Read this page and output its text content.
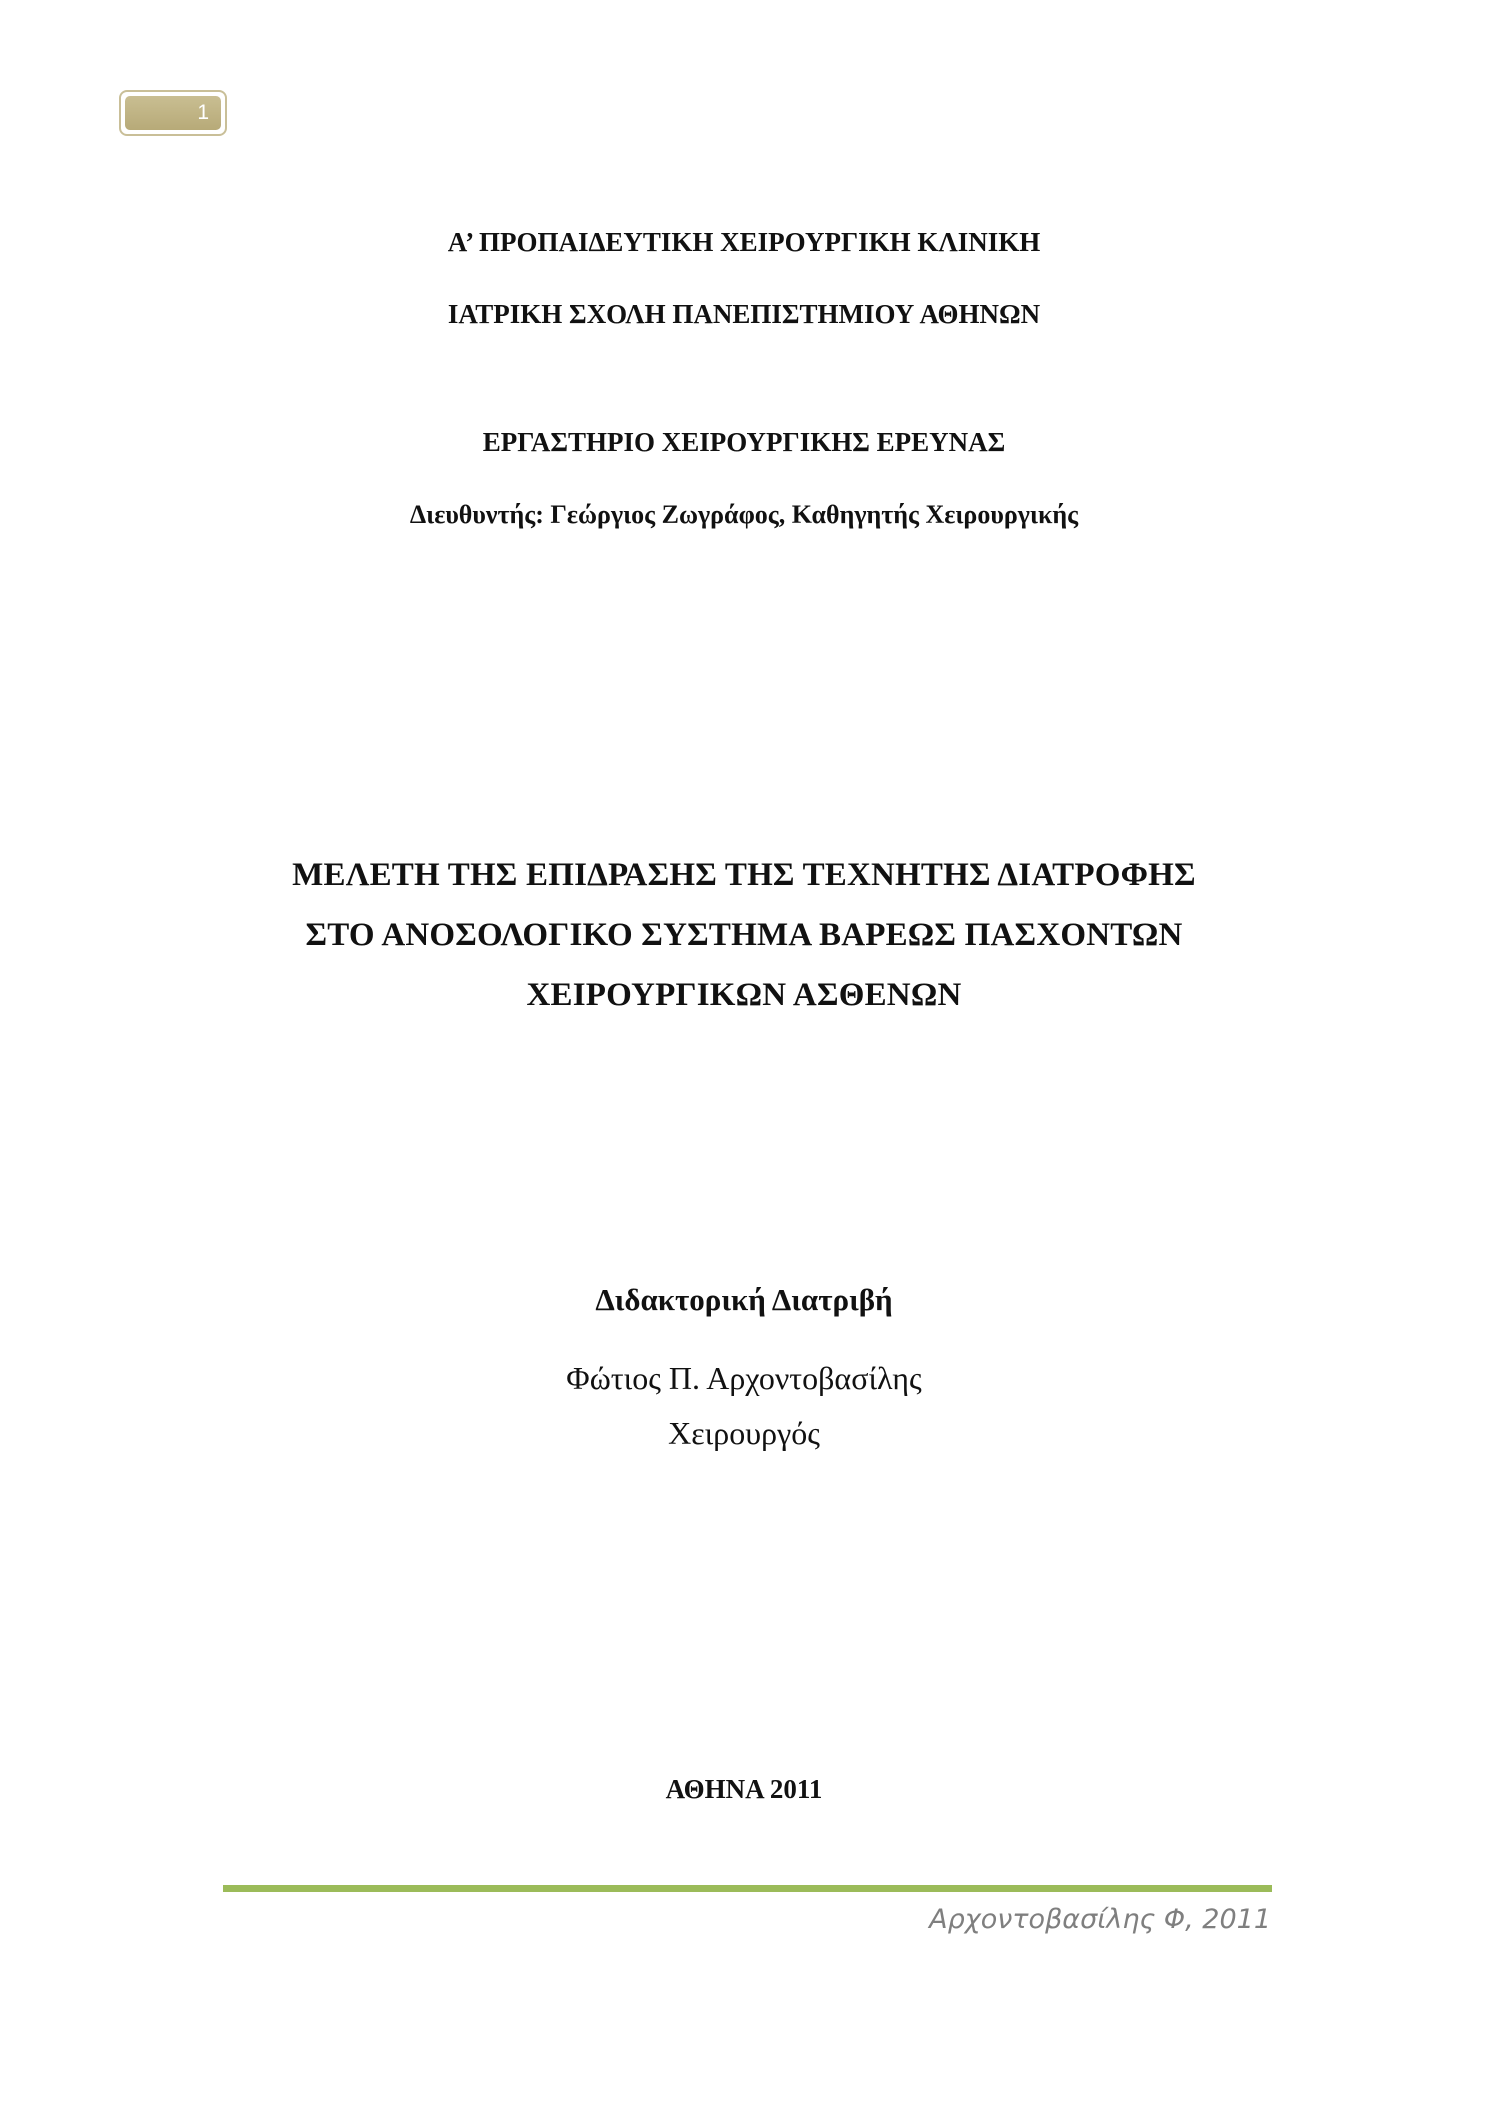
1
Α’ ΠΡΟΠΑΙΔΕΥΤΙΚΗ ΧΕΙΡΟΥΡΓΙΚΗ ΚΛΙΝΙΚΗ
ΙΑΤΡΙΚΗ ΣΧΟΛΗ ΠΑΝΕΠΙΣΤΗΜΙΟΥ ΑΘΗΝΩΝ
ΕΡΓΑΣΤΗΡΙΟ ΧΕΙΡΟΥΡΓΙΚΗΣ ΕΡΕΥΝΑΣ
Διευθυντής: Γεώργιος Ζωγράφος, Καθηγητής Χειρουργικής
ΜΕΛΕΤΗ ΤΗΣ ΕΠΙΔΡΑΣΗΣ ΤΗΣ ΤΕΧΝΗΤΗΣ ΔΙΑΤΡΟΦΗΣ
ΣΤΟ ΑΝΟΣΟΛΟΓΙΚΟ ΣΥΣΤΗΜΑ ΒΑΡΕΩΣ ΠΑΣΧΟΝΤΩΝ
ΧΕΙΡΟΥΡΓΙΚΩΝ ΑΣΘΕΝΩΝ
Διδακτορική Διατριβή
Φώτιος Π. Αρχοντοβασίλης
Χειρουργός
ΑΘΗΝΑ 2011
Αρχοντοβασίλης Φ, 2011
